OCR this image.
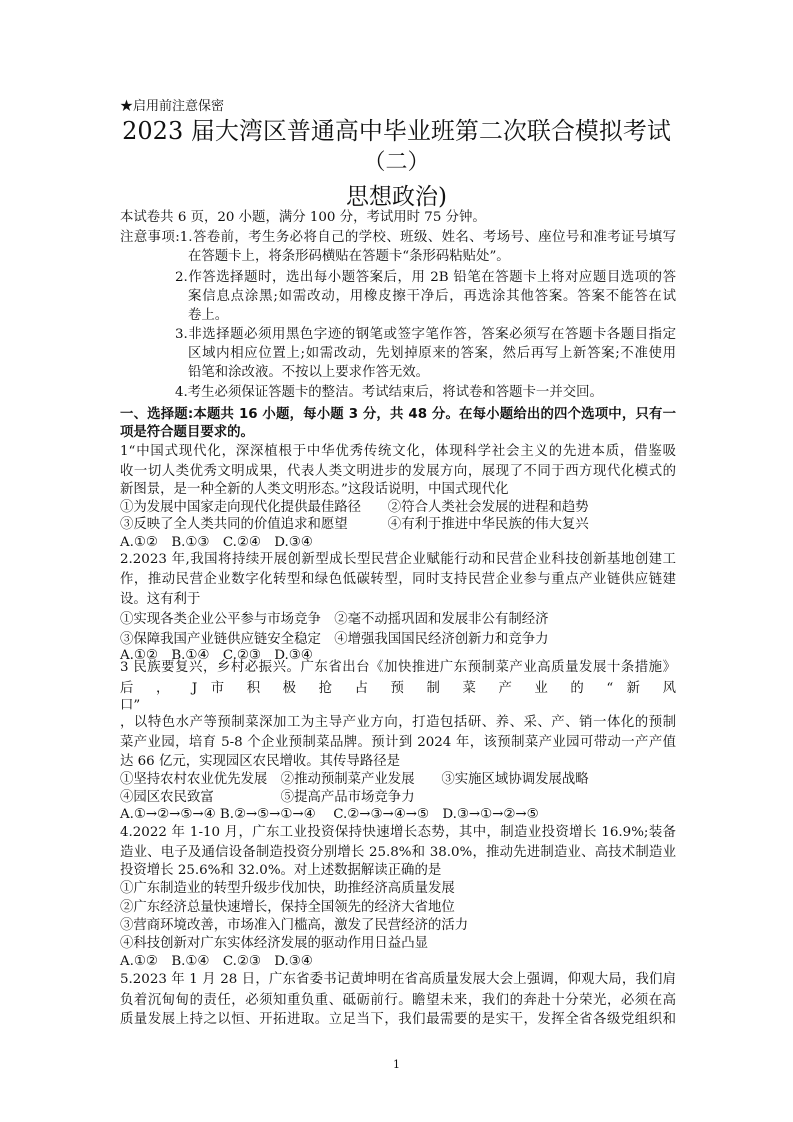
★启用前注意保密
2023 届大湾区普通高中毕业班第二次联合模拟考试
（二）
思想政治)
本试卷共 6 页，20 小题，满分 100 分，考试用时 75 分钟。
注意事项:1.答卷前，考生务必将自己的学校、班级、姓名、考场号、座位号和准考证号填写
在答题卡上，将条形码横贴在答题卡“条形码粘贴处”。
2.作答选择题时，选出每小题答案后，用 2B 铅笔在答题卡上将对应题目选项的答
案信息点涂黑;如需改动，用橡皮擦干净后，再选涂其他答案。答案不能答在试
卷上。
3.非选择题必须用黑色字迹的钢笔或签字笔作答，答案必须写在答题卡各题目指定
区域内相应位置上;如需改动，先划掉原来的答案，然后再写上新答案;不准使用
铅笔和涂改液。不按以上要求作答无效。
4.考生必须保证答题卡的整洁。考试结束后，将试卷和答题卡一并交回。
一、选择题:本题共 16 小题，每小题 3 分，共 48 分。在每小题给出的四个选项中，只有一
项是符合题目要求的。
1“中国式现代化，深深植根于中华优秀传统文化，体现科学社会主义的先进本质，借鉴吸
收一切人类优秀文明成果，代表人类文明进步的发展方向，展现了不同于西方现代化模式的
新图景，是一种全新的人类文明形态。”这段话说明，中国式现代化
①为发展中国家走向现代化提供最佳路径　　②符合人类社会发展的进程和趋势
③反映了全人类共同的价值追求和愿望　　　④有利于推进中华民族的伟大复兴
A.①②　B.①③　C.②④　D.③④
2.2023 年,我国将持续开展创新型成长型民营企业赋能行动和民营企业科技创新基地创建工
作，推动民营企业数字化转型和绿色低碳转型，同时支持民营企业参与重点产业链供应链建
设。这有利于
①实现各类企业公平参与市场竞争　②毫不动摇巩固和发展非公有制经济
③保障我国产业链供应链安全稳定　④增强我国国民经济创新力和竞争力
A.①②　B.①④　C.②③　D.③④
3 民族要复兴，乡村必振兴。广东省出台《加快推进广东预制菜产业高质量发展十条措施》
后 ， J 市 积 极 抢 占 预 制 菜 产 业 的 “ 新 风
口”
，以特色水产等预制菜深加工为主导产业方向，打造包括研、养、采、产、销一体化的预制
菜产业园，培育 5-8 个企业预制菜品牌。预计到 2024 年，该预制菜产业园可带动一产产值
达 66 亿元，实现园区农民增收。其传导路径是
①坚持农村农业优先发展　②推动预制菜产业发展　　③实施区域协调发展战略
④园区农民致富　　　　　⑤提高产品市场竞争力
A.①→②→⑤→④ B.②→⑤→①→④　 C.②→③→④→⑤　D.③→①→②→⑤
4.2022 年 1-10 月，广东工业投资保持快速增长态势，其中，制造业投资增长 16.9%;装备
造业、电子及通信设备制造投资分别增长 25.8%和 38.0%，推动先进制造业、高技术制造业
投资增长 25.6%和 32.0%。对上述数据解读正确的是
①广东制造业的转型升级步伐加快，助推经济高质量发展
②广东经济总量快速增长，保持全国领先的经济大省地位
③营商环境改善，市场准入门槛高，激发了民营经济的活力
④科技创新对广东实体经济发展的驱动作用日益凸显
A.①②　B.①④　C.②③　D.③④
5.2023 年 1 月 28 日，广东省委书记黄坤明在省高质量发展大会上强调，仰观大局，我们肩
负着沉甸甸的责任，必须知重负重、砥砺前行。瞻望未来，我们的奔赴十分荣光，必须在高
质量发展上持之以恒、开拓进取。立足当下，我们最需要的是实干，发挥全省各级党组织和
1
